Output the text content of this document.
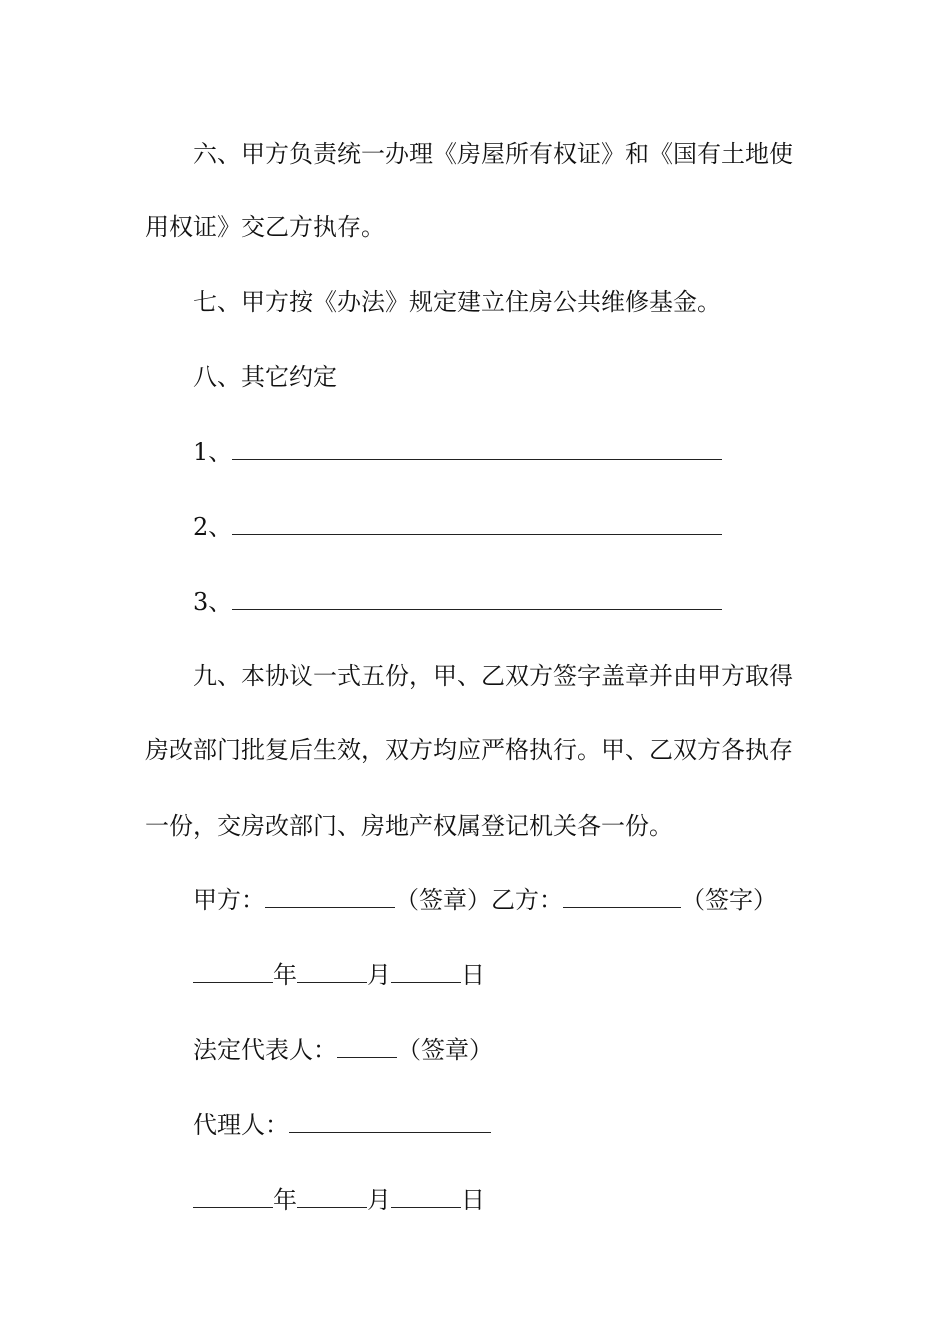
六、甲方负责统一办理《房屋所有权证》和《国有土地使
用权证》交乙方执存。
七、甲方按《办法》规定建立住房公共维修基金。
八、其它约定
1、
2、
3、
九、本协议一式五份，甲、乙双方签字盖章并由甲方取得
房改部门批复后生效，双方均应严格执行。甲、乙双方各执存
一份，交房改部门、房地产权属登记机关各一份。
甲方：	（签章）乙方：	（签字）
年	月	日
法定代表人：	（签章）
代理人：
年	月	日
